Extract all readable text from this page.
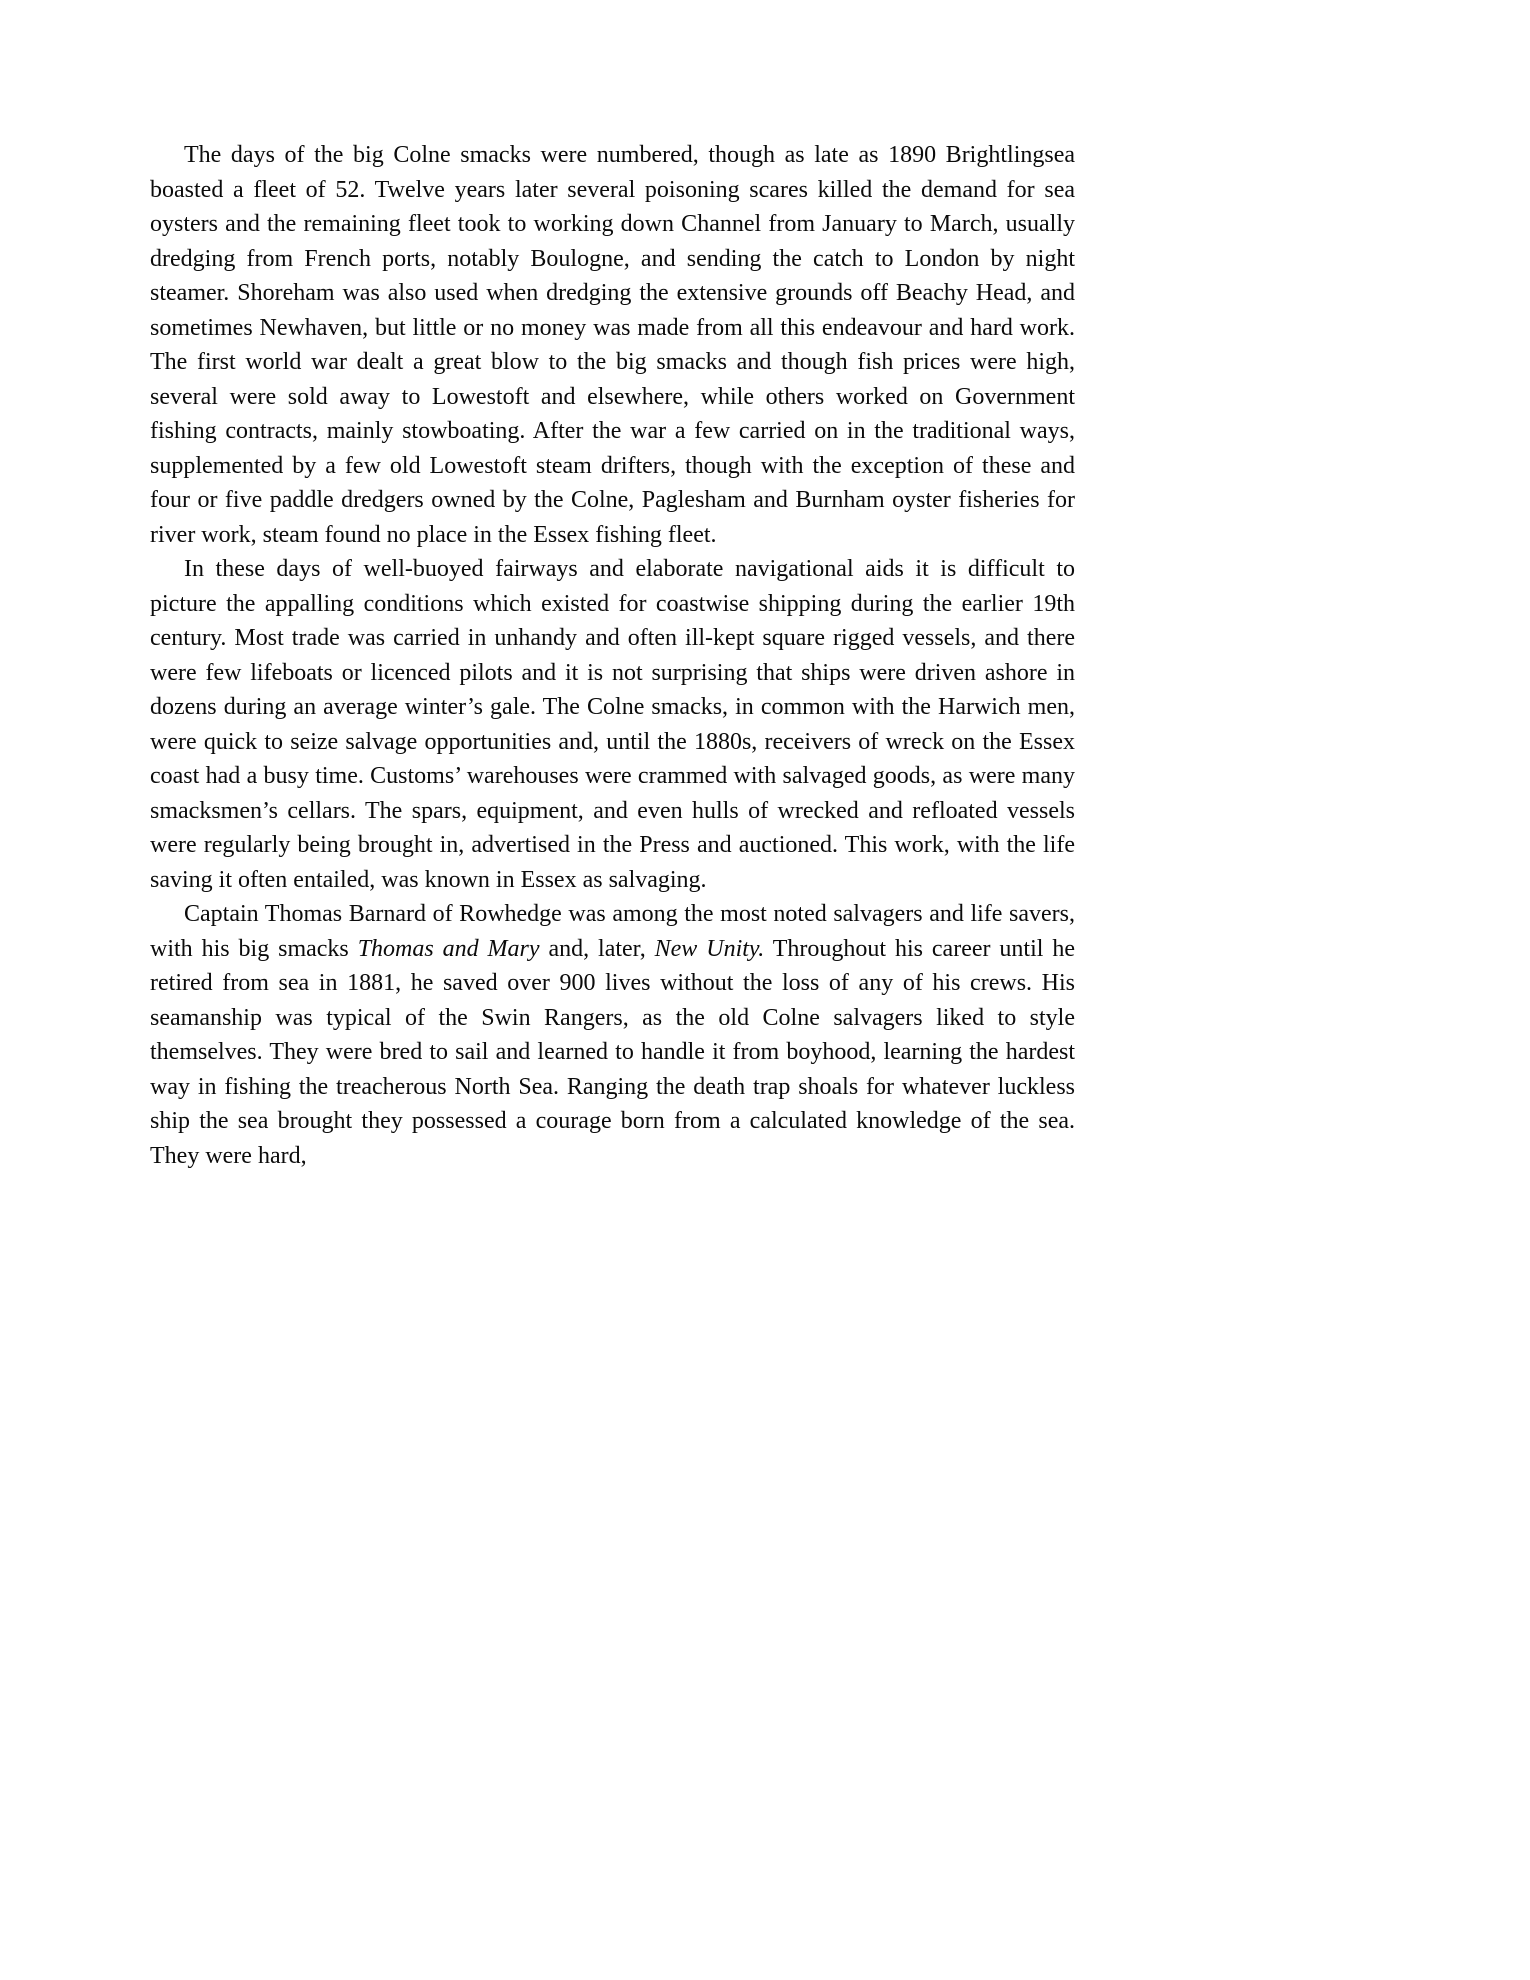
The days of the big Colne smacks were numbered, though as late as 1890 Brightlingsea boasted a fleet of 52. Twelve years later several poisoning scares killed the demand for sea oysters and the remaining fleet took to working down Channel from January to March, usually dredging from French ports, notably Boulogne, and sending the catch to London by night steamer. Shoreham was also used when dredging the extensive grounds off Beachy Head, and sometimes Newhaven, but little or no money was made from all this endeavour and hard work. The first world war dealt a great blow to the big smacks and though fish prices were high, several were sold away to Lowestoft and elsewhere, while others worked on Government fishing contracts, mainly stowboating. After the war a few carried on in the traditional ways, supplemented by a few old Lowestoft steam drifters, though with the exception of these and four or five paddle dredgers owned by the Colne, Paglesham and Burnham oyster fisheries for river work, steam found no place in the Essex fishing fleet.

In these days of well-buoyed fairways and elaborate navigational aids it is difficult to picture the appalling conditions which existed for coastwise shipping during the earlier 19th century. Most trade was carried in unhandy and often ill-kept square rigged vessels, and there were few lifeboats or licenced pilots and it is not surprising that ships were driven ashore in dozens during an average winter’s gale. The Colne smacks, in common with the Harwich men, were quick to seize salvage opportunities and, until the 1880s, receivers of wreck on the Essex coast had a busy time. Customs’ warehouses were crammed with salvaged goods, as were many smacksmen’s cellars. The spars, equipment, and even hulls of wrecked and refloated vessels were regularly being brought in, advertised in the Press and auctioned. This work, with the life saving it often entailed, was known in Essex as salvaging.

Captain Thomas Barnard of Rowhedge was among the most noted salvagers and life savers, with his big smacks Thomas and Mary and, later, New Unity. Throughout his career until he retired from sea in 1881, he saved over 900 lives without the loss of any of his crews. His seamanship was typical of the Swin Rangers, as the old Colne salvagers liked to style themselves. They were bred to sail and learned to handle it from boyhood, learning the hardest way in fishing the treacherous North Sea. Ranging the death trap shoals for whatever luckless ship the sea brought they possessed a courage born from a calculated knowledge of the sea. They were hard,
